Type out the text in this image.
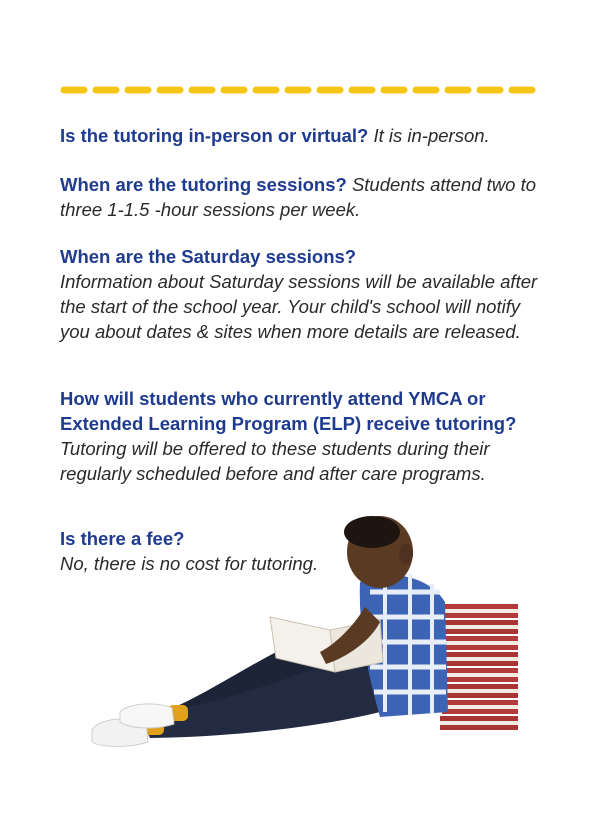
Is the tutoring in-person or virtual? It is in-person.
When are the tutoring sessions? Students attend two to three 1-1.5 -hour sessions per week.
When are the Saturday sessions?
Information about Saturday sessions will be available after the start of the school year. Your child's school will notify you about dates & sites when more details are released.
How will students who currently attend YMCA or Extended Learning Program (ELP) receive tutoring? Tutoring will be offered to these students during their regularly scheduled before and after care programs.
Is there a fee?
No, there is no cost for tutoring.
